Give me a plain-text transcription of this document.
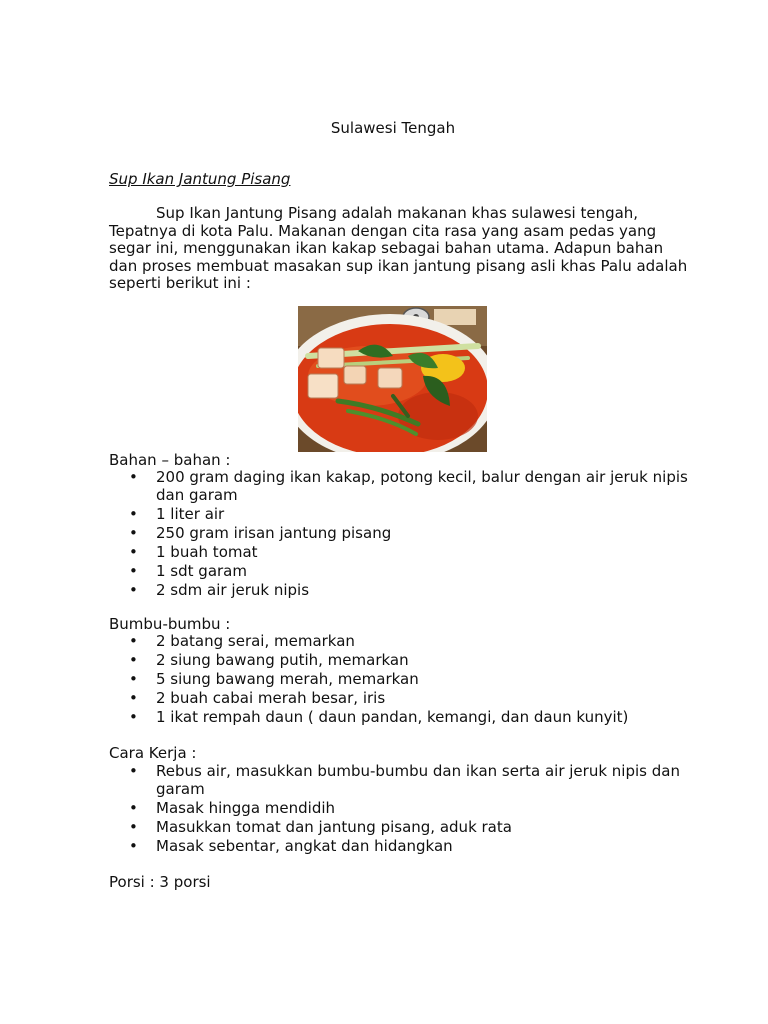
Sulawesi Tengah
Sup Ikan Jantung Pisang

Sup Ikan Jantung Pisang adalah makanan khas sulawesi tengah, Tepatnya di kota Palu. Makanan dengan cita rasa yang asam pedas yang segar ini, menggunakan ikan kakap sebagai bahan utama. Adapun bahan dan proses membuat masakan sup ikan jantung pisang asli khas Palu adalah seperti berikut ini :

Bahan – bahan :

• 200 gram daging ikan kakap, potong kecil, balur dengan air jeruk nipis dan garam
• 1 liter air
• 250 gram irisan jantung pisang
• 1 buah tomat
• 1 sdt garam
• 2 sdm air jeruk nipis

Bumbu-bumbu :

• 2 batang serai, memarkan
• 2 siung bawang putih, memarkan
• 5 siung bawang merah, memarkan
• 2 buah cabai merah besar, iris
• 1 ikat rempah daun ( daun pandan, kemangi, dan daun kunyit)

Cara Kerja :

• Rebus air, masukkan bumbu-bumbu dan ikan serta air jeruk nipis dan garam
• Masak hingga mendidih
• Masukkan tomat dan jantung pisang, aduk rata
• Masak sebentar, angkat dan hidangkan

Porsi : 3 porsi
